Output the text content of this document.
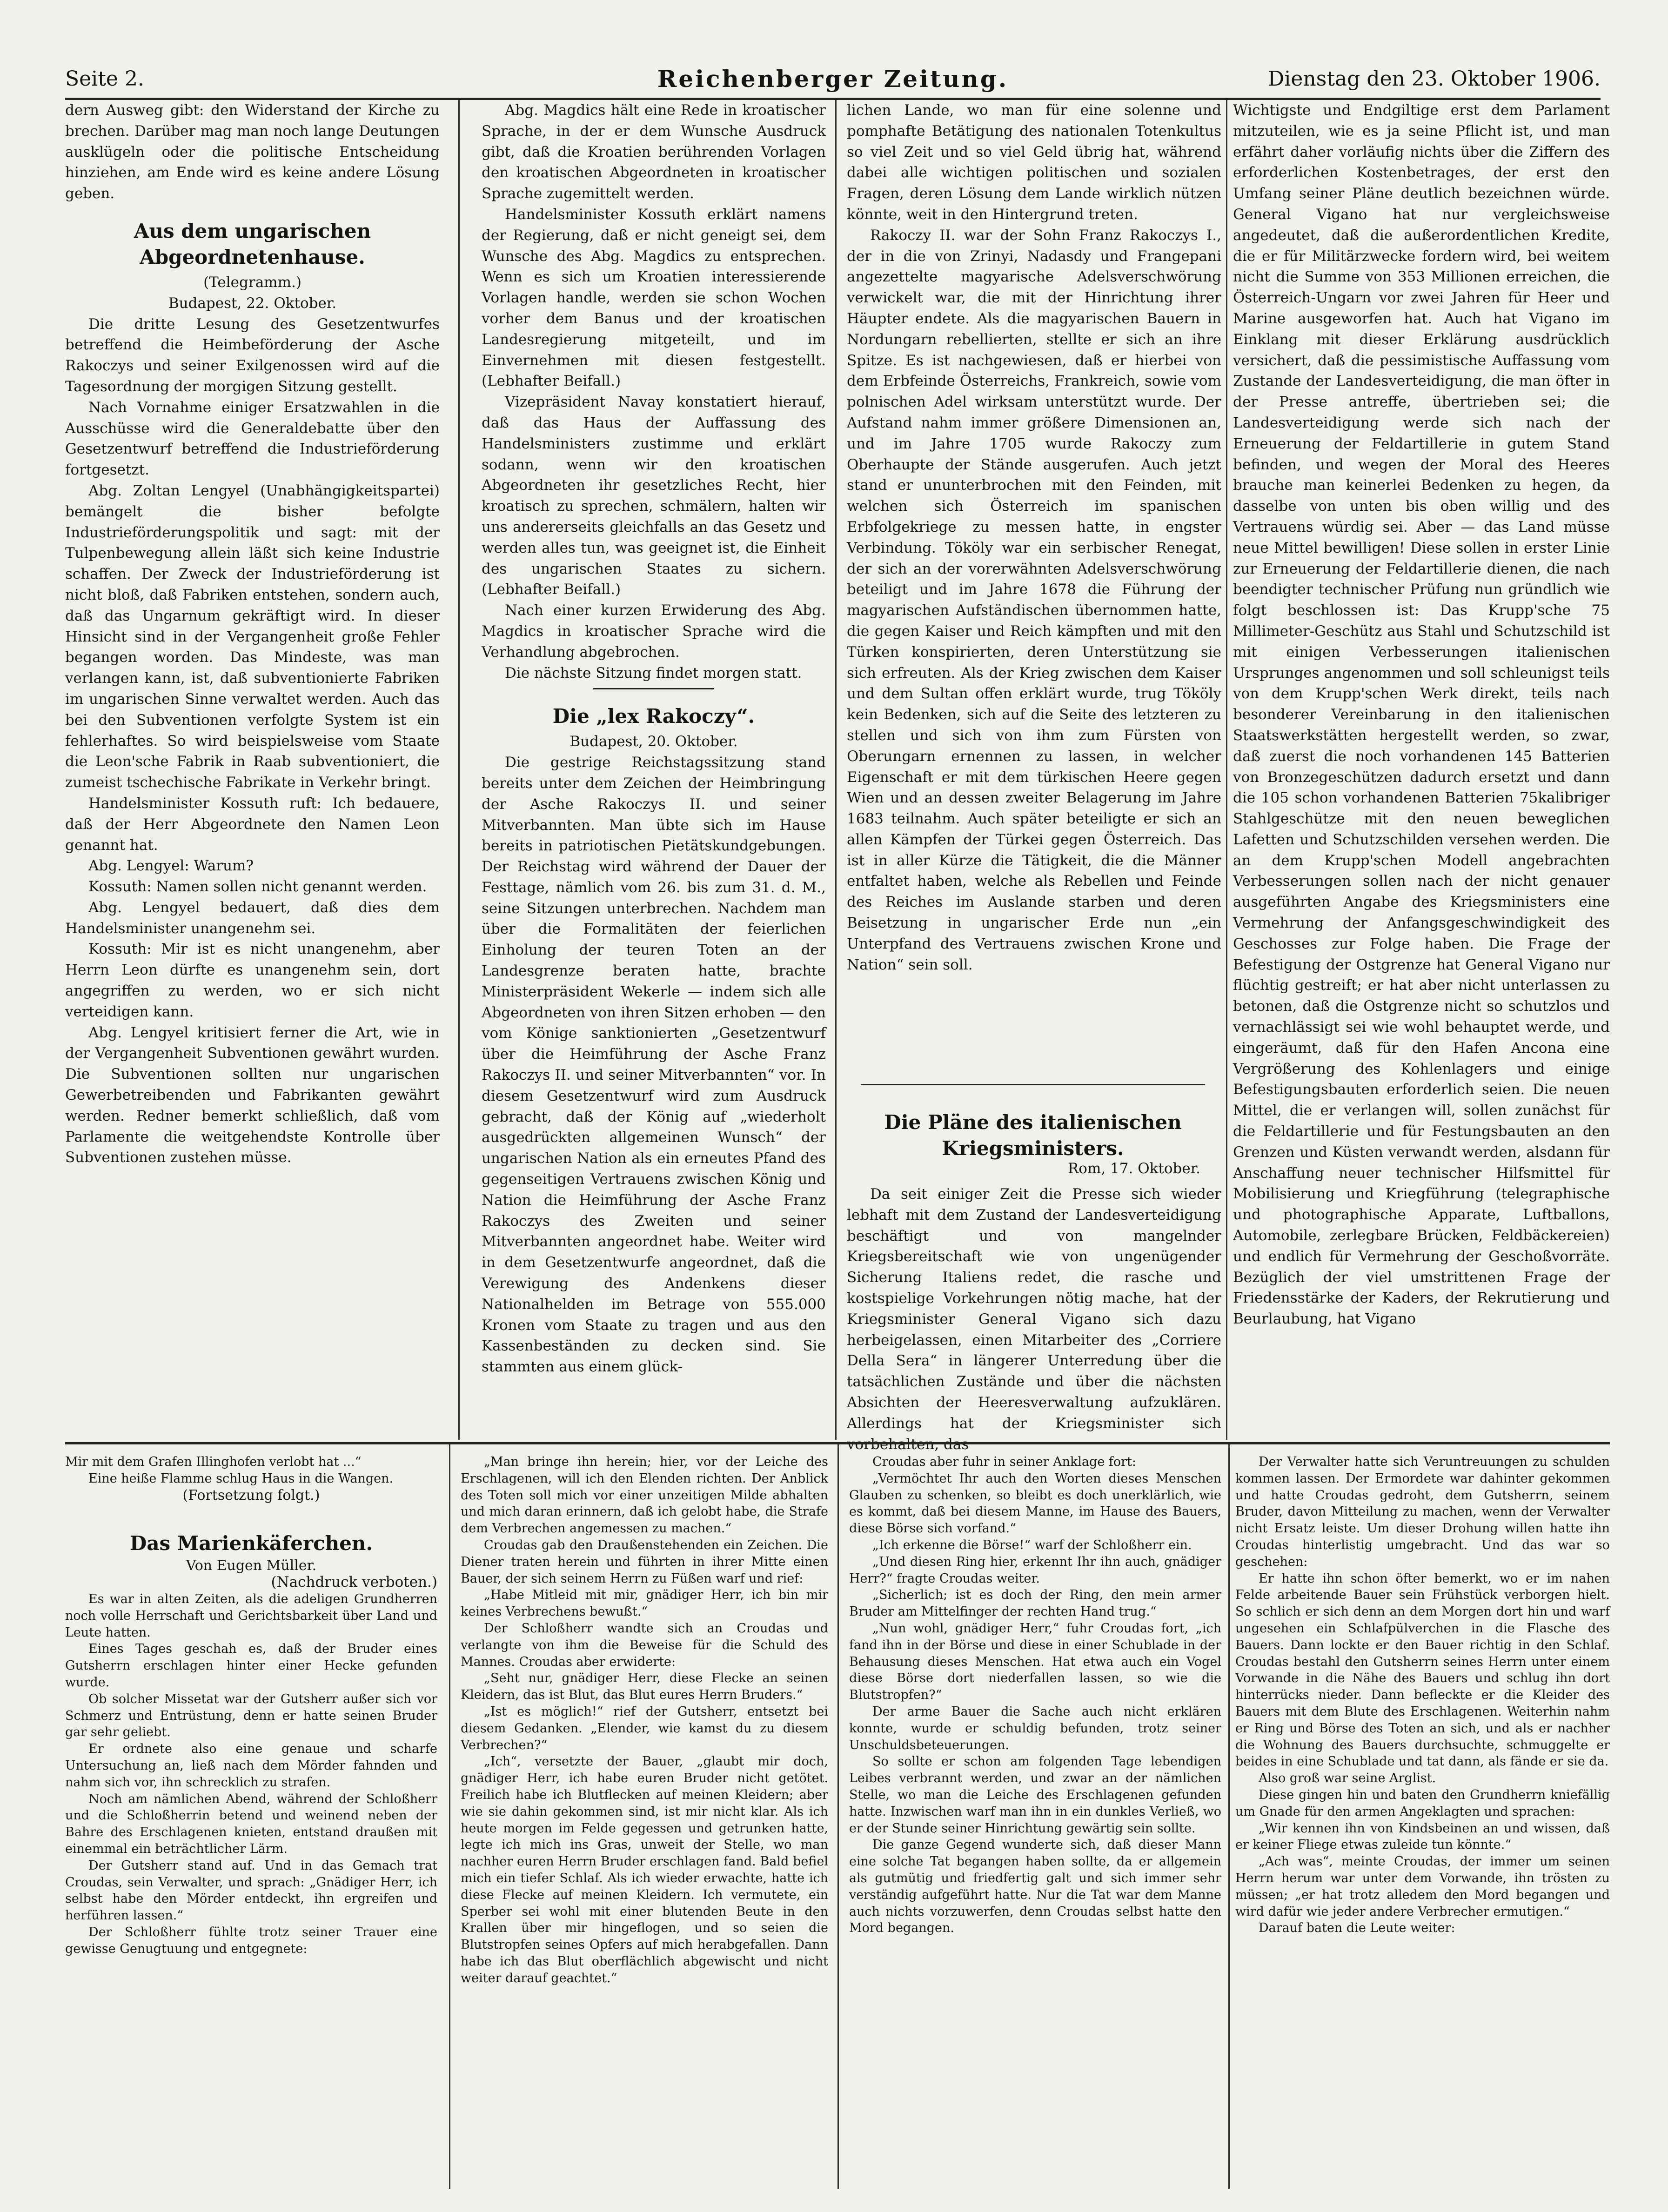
Seite 2.	Reichenberger Zeitung.	Dienstag den 23. Oktober 1906.

dern Ausweg gibt: den Widerstand der Kirche zu brechen. Darüber mag man noch lange Deutungen ausklügeln oder die politische Entscheidung hinziehen, am Ende wird es keine andere Lösung geben.

Aus dem ungarischen Abgeordnetenhause.
(Telegramm.)
Budapest, 22. Oktober.

Die dritte Lesung des Gesetzentwurfes betreffend die Heimbeförderung der Asche Rakoczys und seiner Exilgenossen wird auf die Tagesordnung der morgigen Sitzung gestellt.

Nach Vornahme einiger Ersatzwahlen in die Ausschüsse wird die Generaldebatte über den Gesetzentwurf betreffend die Industrieförderung fortgesetzt.

Abg. Zoltan Lengyel (Unabhängigkeitspartei) bemängelt die bisher befolgte Industrieförderungspolitik und sagt: mit der Tulpenbewegung allein läßt sich keine Industrie schaffen. Der Zweck der Industrieförderung ist nicht bloß, daß Fabriken entstehen, sondern auch, daß das Ungarnum gekräftigt wird. In dieser Hinsicht sind in der Vergangenheit große Fehler begangen worden. Das Mindeste, was man verlangen kann, ist, daß subventionierte Fabriken im ungarischen Sinne verwaltet werden. Auch das bei den Subventionen verfolgte System ist ein fehlerhaftes. So wird beispielsweise vom Staate die Leon'sche Fabrik in Raab subventioniert, die zumeist tschechische Fabrikate in Verkehr bringt.

Handelsminister Kossuth ruft: Ich bedauere, daß der Herr Abgeordnete den Namen Leon genannt hat.

Abg. Lengyel: Warum?

Kossuth: Namen sollen nicht genannt werden.

Abg. Lengyel bedauert, daß dies dem Handelsminister unangenehm sei.

Kossuth: Mir ist es nicht unangenehm, aber Herrn Leon dürfte es unangenehm sein, dort angegriffen zu werden, wo er sich nicht verteidigen kann.

Abg. Lengyel kritisiert ferner die Art, wie in der Vergangenheit Subventionen gewährt wurden. Die Subventionen sollten nur ungarischen Gewerbetreibenden und Fabrikanten gewährt werden. Redner bemerkt schließlich, daß vom Parlamente die weitgehendste Kontrolle über Subventionen zustehen müsse.

Abg. Magdics hält eine Rede in kroatischer Sprache, in der er dem Wunsche Ausdruck gibt, daß die Kroatien berührenden Vorlagen den kroatischen Abgeordneten in kroatischer Sprache zugemittelt werden.

Handelsminister Kossuth erklärt namens der Regierung, daß er nicht geneigt sei, dem Wunsche des Abg. Magdics zu entsprechen. Wenn es sich um Kroatien interessierende Vorlagen handle, werden sie schon Wochen vorher dem Banus und der kroatischen Landesregierung mitgeteilt, und im Einvernehmen mit diesen festgestellt. (Lebhafter Beifall.)

Vizepräsident Navay konstatiert hierauf, daß das Haus der Auffassung des Handelsministers zustimme und erklärt sodann, wenn wir den kroatischen Abgeordneten ihr gesetzliches Recht, hier kroatisch zu sprechen, schmälern, halten wir uns andererseits gleichfalls an das Gesetz und werden alles tun, was geeignet ist, die Einheit des ungarischen Staates zu sichern. (Lebhafter Beifall.)

Nach einer kurzen Erwiderung des Abg. Magdics in kroatischer Sprache wird die Verhandlung abgebrochen.

Die nächste Sitzung findet morgen statt.

Die „lex Rakoczy“.
Budapest, 20. Oktober.

Die gestrige Reichstagssitzung stand bereits unter dem Zeichen der Heimbringung der Asche Rakoczys II. und seiner Mitverbannten. Man übte sich im Hause bereits in patriotischen Pietätskundgebungen. Der Reichstag wird während der Dauer der Festtage, nämlich vom 26. bis zum 31. d. M., seine Sitzungen unterbrechen. Nachdem man über die Formalitäten der feierlichen Einholung der teuren Toten an der Landesgrenze beraten hatte, brachte Ministerpräsident Wekerle — indem sich alle Abgeordneten von ihren Sitzen erhoben — den vom Könige sanktionierten „Gesetzentwurf über die Heimführung der Asche Franz Rakoczys II. und seiner Mitverbannten“ vor. In diesem Gesetzentwurf wird zum Ausdruck gebracht, daß der König auf „wiederholt ausgedrückten allgemeinen Wunsch“ der ungarischen Nation als ein erneutes Pfand des gegenseitigen Vertrauens zwischen König und Nation die Heimführung der Asche Franz Rakoczys des Zweiten und seiner Mitverbannten angeordnet habe. Weiter wird in dem Gesetzentwurfe angeordnet, daß die Verewigung des Andenkens dieser Nationalhelden im Betrage von 555.000 Kronen vom Staate zu tragen und aus den Kassenbeständen zu decken sind. Sie stammten aus einem glück-

lichen Lande, wo man für eine solenne und pomphafte Betätigung des nationalen Totenkultus so viel Zeit und so viel Geld übrig hat, während dabei alle wichtigen politischen und sozialen Fragen, deren Lösung dem Lande wirklich nützen könnte, weit in den Hintergrund treten.

Rakoczy II. war der Sohn Franz Rakoczys I., der in die von Zrinyi, Nadasdy und Frangepani angezettelte magyarische Adelsverschwörung verwickelt war, die mit der Hinrichtung ihrer Häupter endete. Als die magyarischen Bauern in Nordungarn rebellierten, stellte er sich an ihre Spitze. Es ist nachgewiesen, daß er hierbei von dem Erbfeinde Österreichs, Frankreich, sowie vom polnischen Adel wirksam unterstützt wurde. Der Aufstand nahm immer größere Dimensionen an, und im Jahre 1705 wurde Rakoczy zum Oberhaupte der Stände ausgerufen. Auch jetzt stand er ununterbrochen mit den Feinden, mit welchen sich Österreich im spanischen Erbfolgekriege zu messen hatte, in engster Verbindung. Tököly war ein serbischer Renegat, der sich an der vorerwähnten Adelsverschwörung beteiligt und im Jahre 1678 die Führung der magyarischen Aufständischen übernommen hatte, die gegen Kaiser und Reich kämpften und mit den Türken konspirierten, deren Unterstützung sie sich erfreuten. Als der Krieg zwischen dem Kaiser und dem Sultan offen erklärt wurde, trug Tököly kein Bedenken, sich auf die Seite des letzteren zu stellen und sich von ihm zum Fürsten von Oberungarn ernennen zu lassen, in welcher Eigenschaft er mit dem türkischen Heere gegen Wien und an dessen zweiter Belagerung im Jahre 1683 teilnahm. Auch später beteiligte er sich an allen Kämpfen der Türkei gegen Österreich. Das ist in aller Kürze die Tätigkeit, die die Männer entfaltet haben, welche als Rebellen und Feinde des Reiches im Auslande starben und deren Beisetzung in ungarischer Erde nun „ein Unterpfand des Vertrauens zwischen Krone und Nation“ sein soll.

Die Pläne des italienischen Kriegsministers.
Rom, 17. Oktober.

Da seit einiger Zeit die Presse sich wieder lebhaft mit dem Zustand der Landesverteidigung beschäftigt und von mangelnder Kriegsbereitschaft wie von ungenügender Sicherung Italiens redet, die rasche und kostspielige Vorkehrungen nötig mache, hat der Kriegsminister General Vigano sich dazu herbeigelassen, einen Mitarbeiter des „Corriere Della Sera“ in längerer Unterredung über die tatsächlichen Zustände und über die nächsten Absichten der Heeresverwaltung aufzuklären. Allerdings hat der Kriegsminister sich vorbehalten, das

Wichtigste und Endgiltige erst dem Parlament mitzuteilen, wie es ja seine Pflicht ist, und man erfährt daher vorläufig nichts über die Ziffern des erforderlichen Kostenbetrages, der erst den Umfang seiner Pläne deutlich bezeichnen würde. General Vigano hat nur vergleichsweise angedeutet, daß die außerordentlichen Kredite, die er für Militärzwecke fordern wird, bei weitem nicht die Summe von 353 Millionen erreichen, die Österreich-Ungarn vor zwei Jahren für Heer und Marine ausgeworfen hat. Auch hat Vigano im Einklang mit dieser Erklärung ausdrücklich versichert, daß die pessimistische Auffassung vom Zustande der Landesverteidigung, die man öfter in der Presse antreffe, übertrieben sei; die Landesverteidigung werde sich nach der Erneuerung der Feldartillerie in gutem Stand befinden, und wegen der Moral des Heeres brauche man keinerlei Bedenken zu hegen, da dasselbe von unten bis oben willig und des Vertrauens würdig sei. Aber — das Land müsse neue Mittel bewilligen! Diese sollen in erster Linie zur Erneuerung der Feldartillerie dienen, die nach beendigter technischer Prüfung nun gründlich wie folgt beschlossen ist: Das Krupp'sche 75 Millimeter-Geschütz aus Stahl und Schutzschild ist mit einigen Verbesserungen italienischen Ursprunges angenommen und soll schleunigst teils von dem Krupp'schen Werk direkt, teils nach besonderer Vereinbarung in den italienischen Staatswerkstätten hergestellt werden, so zwar, daß zuerst die noch vorhandenen 145 Batterien von Bronzegeschützen dadurch ersetzt und dann die 105 schon vorhandenen Batterien 75kalibriger Stahlgeschütze mit den neuen beweglichen Lafetten und Schutzschilden versehen werden. Die an dem Krupp'schen Modell angebrachten Verbesserungen sollen nach der nicht genauer ausgeführten Angabe des Kriegsministers eine Vermehrung der Anfangsgeschwindigkeit des Geschosses zur Folge haben. Die Frage der Befestigung der Ostgrenze hat General Vigano nur flüchtig gestreift; er hat aber nicht unterlassen zu betonen, daß die Ostgrenze nicht so schutzlos und vernachlässigt sei wie wohl behauptet werde, und eingeräumt, daß für den Hafen Ancona eine Vergrößerung des Kohlenlagers und einige Befestigungsbauten erforderlich seien. Die neuen Mittel, die er verlangen will, sollen zunächst für die Feldartillerie und für Festungsbauten an den Grenzen und Küsten verwandt werden, alsdann für Anschaffung neuer technischer Hilfsmittel für Mobilisierung und Kriegführung (telegraphische und photographische Apparate, Luftballons, Automobile, zerlegbare Brücken, Feldbäckereien) und endlich für Vermehrung der Geschoßvorräte. Bezüglich der viel umstrittenen Frage der Friedensstärke der Kaders, der Rekrutierung und Beurlaubung, hat Vigano

Mir mit dem Grafen Illinghofen verlobt hat ...“

Eine heiße Flamme schlug Haus in die Wangen.

(Fortsetzung folgt.)

Das Marienkäferchen.
Von Eugen Müller.
(Nachdruck verboten.)

Es war in alten Zeiten, als die adeligen Grundherren noch volle Herrschaft und Gerichtsbarkeit über Land und Leute hatten.

Eines Tages geschah es, daß der Bruder eines Gutsherrn erschlagen hinter einer Hecke gefunden wurde.

Ob solcher Missetat war der Gutsherr außer sich vor Schmerz und Entrüstung, denn er hatte seinen Bruder gar sehr geliebt.

Er ordnete also eine genaue und scharfe Untersuchung an, ließ nach dem Mörder fahnden und nahm sich vor, ihn schrecklich zu strafen.

Noch am nämlichen Abend, während der Schloßherr und die Schloßherrin betend und weinend neben der Bahre des Erschlagenen knieten, entstand draußen mit einemmal ein beträchtlicher Lärm.

Der Gutsherr stand auf. Und in das Gemach trat Croudas, sein Verwalter, und sprach: „Gnädiger Herr, ich selbst habe den Mörder entdeckt, ihn ergreifen und herführen lassen.“

Der Schloßherr fühlte trotz seiner Trauer eine gewisse Genugtuung und entgegnete:

„Man bringe ihn herein; hier, vor der Leiche des Erschlagenen, will ich den Elenden richten. Der Anblick des Toten soll mich vor einer unzeitigen Milde abhalten und mich daran erinnern, daß ich gelobt habe, die Strafe dem Verbrechen angemessen zu machen.“

Croudas gab den Draußenstehenden ein Zeichen. Die Diener traten herein und führten in ihrer Mitte einen Bauer, der sich seinem Herrn zu Füßen warf und rief:

„Habe Mitleid mit mir, gnädiger Herr, ich bin mir keines Verbrechens bewußt.“

Der Schloßherr wandte sich an Croudas und verlangte von ihm die Beweise für die Schuld des Mannes. Croudas aber erwiderte:

„Seht nur, gnädiger Herr, diese Flecke an seinen Kleidern, das ist Blut, das Blut eures Herrn Bruders.“

„Ist es möglich!“ rief der Gutsherr, entsetzt bei diesem Gedanken. „Elender, wie kamst du zu diesem Verbrechen?“

„Ich“, versetzte der Bauer, „glaubt mir doch, gnädiger Herr, ich habe euren Bruder nicht getötet. Freilich habe ich Blutflecken auf meinen Kleidern; aber wie sie dahin gekommen sind, ist mir nicht klar. Als ich heute morgen im Felde gegessen und getrunken hatte, legte ich mich ins Gras, unweit der Stelle, wo man nachher euren Herrn Bruder erschlagen fand. Bald befiel mich ein tiefer Schlaf. Als ich wieder erwachte, hatte ich diese Flecke auf meinen Kleidern. Ich vermutete, ein Sperber sei wohl mit einer blutenden Beute in den Krallen über mir hingeflogen, und so seien die Blutstropfen seines Opfers auf mich herabgefallen. Dann habe ich das Blut oberflächlich abgewischt und nicht weiter darauf geachtet.“

Croudas aber fuhr in seiner Anklage fort:

„Vermöchtet Ihr auch den Worten dieses Menschen Glauben zu schenken, so bleibt es doch unerklärlich, wie es kommt, daß bei diesem Manne, im Hause des Bauers, diese Börse sich vorfand.“

„Ich erkenne die Börse!“ warf der Schloßherr ein.

„Und diesen Ring hier, erkennt Ihr ihn auch, gnädiger Herr?“ fragte Croudas weiter.

„Sicherlich; ist es doch der Ring, den mein armer Bruder am Mittelfinger der rechten Hand trug.“

„Nun wohl, gnädiger Herr,“ fuhr Croudas fort, „ich fand ihn in der Börse und diese in einer Schublade in der Behausung dieses Menschen. Hat etwa auch ein Vogel diese Börse dort niederfallen lassen, so wie die Blutstropfen?“

Der arme Bauer die Sache auch nicht erklären konnte, wurde er schuldig befunden, trotz seiner Unschuldsbeteuerungen.

So sollte er schon am folgenden Tage lebendigen Leibes verbrannt werden, und zwar an der nämlichen Stelle, wo man die Leiche des Erschlagenen gefunden hatte. Inzwischen warf man ihn in ein dunkles Verließ, wo er der Stunde seiner Hinrichtung gewärtig sein sollte.

Die ganze Gegend wunderte sich, daß dieser Mann eine solche Tat begangen haben sollte, da er allgemein als gutmütig und friedfertig galt und sich immer sehr verständig aufgeführt hatte. Nur die Tat war dem Manne auch nichts vorzuwerfen, denn Croudas selbst hatte den Mord begangen.

Der Verwalter hatte sich Veruntreuungen zu schulden kommen lassen. Der Ermordete war dahinter gekommen und hatte Croudas gedroht, dem Gutsherrn, seinem Bruder, davon Mitteilung zu machen, wenn der Verwalter nicht Ersatz leiste. Um dieser Drohung willen hatte ihn Croudas hinterlistig umgebracht. Und das war so geschehen:

Er hatte ihn schon öfter bemerkt, wo er im nahen Felde arbeitende Bauer sein Frühstück verborgen hielt. So schlich er sich denn an dem Morgen dort hin und warf ungesehen ein Schlafpülverchen in die Flasche des Bauers. Dann lockte er den Bauer richtig in den Schlaf. Croudas bestahl den Gutsherrn seines Herrn unter einem Vorwande in die Nähe des Bauers und schlug ihn dort hinterrücks nieder. Dann befleckte er die Kleider des Bauers mit dem Blute des Erschlagenen. Weiterhin nahm er Ring und Börse des Toten an sich, und als er nachher die Wohnung des Bauers durchsuchte, schmuggelte er beides in eine Schublade und tat dann, als fände er sie da.

Also groß war seine Arglist.

Diese gingen hin und baten den Grundherrn kniefällig um Gnade für den armen Angeklagten und sprachen:

„Wir kennen ihn von Kindsbeinen an und wissen, daß er keiner Fliege etwas zuleide tun könnte.“

„Ach was“, meinte Croudas, der immer um seinen Herrn herum war unter dem Vorwande, ihn trösten zu müssen; „er hat trotz alledem den Mord begangen und wird dafür wie jeder andere Verbrecher ermutigen.“

Darauf baten die Leute weiter:
